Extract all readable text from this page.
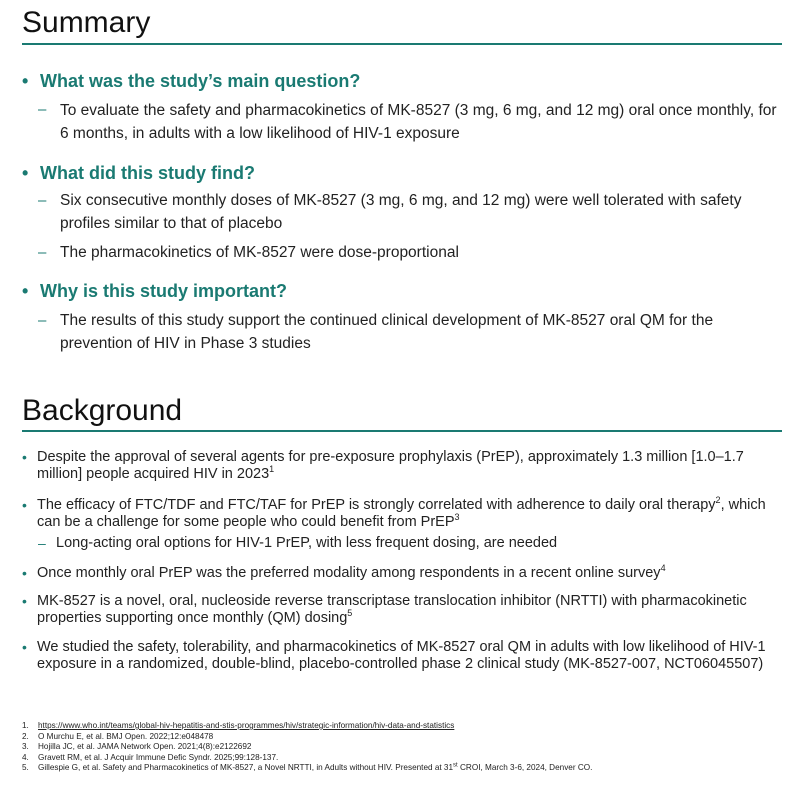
Summary
• What was the study’s main question?
– To evaluate the safety and pharmacokinetics of MK-8527 (3 mg, 6 mg, and 12 mg) oral once monthly, for 6 months, in adults with a low likelihood of HIV-1 exposure
• What did this study find?
– Six consecutive monthly doses of MK-8527 (3 mg, 6 mg, and 12 mg) were well tolerated with safety profiles similar to that of placebo
– The pharmacokinetics of MK-8527 were dose-proportional
• Why is this study important?
– The results of this study support the continued clinical development of MK-8527 oral QM for the prevention of HIV in Phase 3 studies
Background
• Despite the approval of several agents for pre-exposure prophylaxis (PrEP), approximately 1.3 million [1.0–1.7 million] people acquired HIV in 2023$^1$
• The efficacy of FTC/TDF and FTC/TAF for PrEP is strongly correlated with adherence to daily oral therapy$^2$, which can be a challenge for some people who could benefit from PrEP$^3$
– Long-acting oral options for HIV-1 PrEP, with less frequent dosing, are needed
• Once monthly oral PrEP was the preferred modality among respondents in a recent online survey$^4$
• MK-8527 is a novel, oral, nucleoside reverse transcriptase translocation inhibitor (NRTTI) with pharmacokinetic properties supporting once monthly (QM) dosing$^5$
• We studied the safety, tolerability, and pharmacokinetics of MK-8527 oral QM in adults with low likelihood of HIV-1 exposure in a randomized, double-blind, placebo-controlled phase 2 clinical study (MK-8527-007, NCT06045507)
1. https://www.who.int/teams/global-hiv-hepatitis-and-stis-programmes/hiv/strategic-information/hiv-data-and-statistics
2. O Murchu E, et al. BMJ Open. 2022;12:e048478
3. Hojilla JC, et al. JAMA Network Open. 2021;4(8):e2122692
4. Gravett RM, et al. J Acquir Immune Defic Syndr. 2025;99:128-137.
5. Gillespie G, et al. Safety and Pharmacokinetics of MK-8527, a Novel NRTTI, in Adults without HIV. Presented at 31st CROI, March 3-6, 2024, Denver CO.
